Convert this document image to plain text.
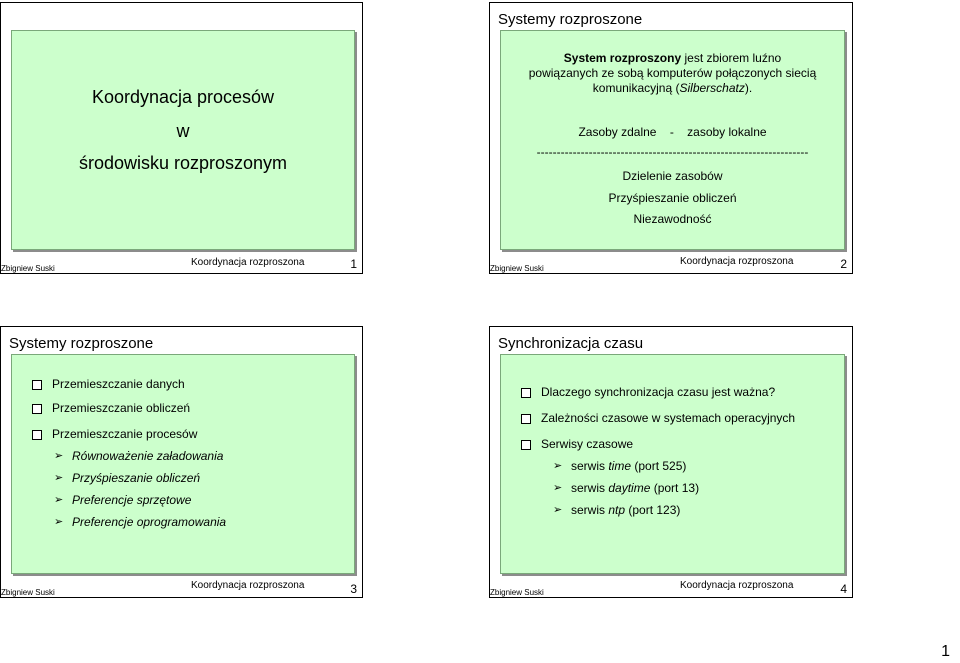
Koordynacja procesów
w
środowisku rozproszonym
Zbigniew Suski
Koordynacja rozproszona	1
Systemy rozproszone
System rozproszony jest zbiorem luźno
powiązanych ze sobą komputerów połączonych siecią
komunikacyjną (Silberschatz).
Zasoby zdalne    -    zasoby lokalne
--------------------------------------------------------------------
Dzielenie zasobów
Przyśpieszanie obliczeń
Niezawodność
Zbigniew Suski
Koordynacja rozproszona	2
Systemy rozproszone
Przemieszczanie danych
Przemieszczanie obliczeń
Przemieszczanie procesów
➢ Równoważenie załadowania
➢ Przyśpieszanie obliczeń
➢ Preferencje sprzętowe
➢ Preferencje oprogramowania
Zbigniew Suski
Koordynacja rozproszona	3
Synchronizacja czasu
Dlaczego synchronizacja czasu jest ważna?
Zależności czasowe w systemach operacyjnych
Serwisy czasowe
➢ serwis time (port 525)
➢ serwis daytime (port 13)
➢ serwis ntp (port 123)
Zbigniew Suski
Koordynacja rozproszona	4
1
